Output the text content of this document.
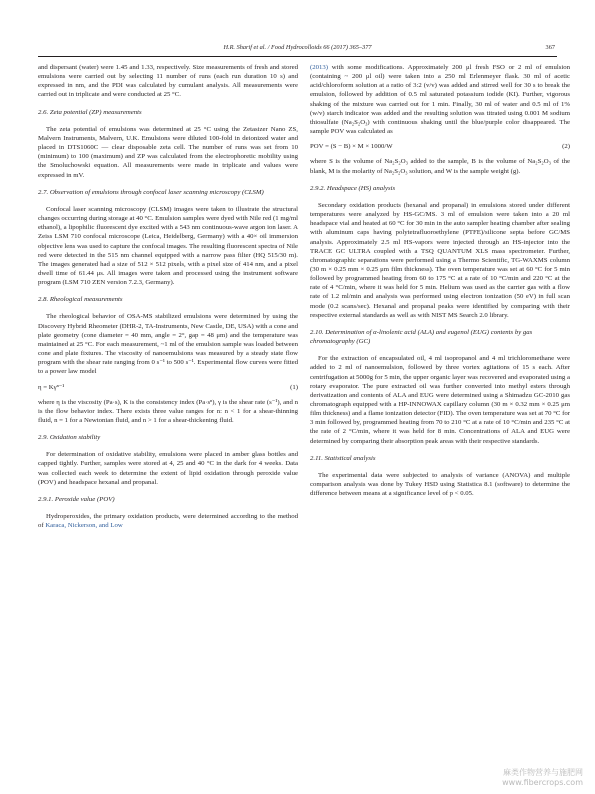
H.R. Sharif et al. / Food Hydrocolloids 66 (2017) 365–377	367

and dispersant (water) were 1.45 and 1.33, respectively. Size measurements of fresh and stored emulsions were carried out by selecting 11 number of runs (each run duration 10 s) and expressed in nm, and the PDI was calculated by cumulant analysis. All measurements were carried out in triplicate and were conducted at 25 °C.

2.6. Zeta potential (ZP) measurements

The zeta potential of emulsions was determined at 25 °C using the Zetasizer Nano ZS, Malvern Instruments, Malvern, U.K. Emulsions were diluted 100-fold in deionized water and placed in DTS1060C — clear disposable zeta cell. The number of runs was set from 10 (minimum) to 100 (maximum) and ZP was calculated from the electrophoretic mobility using the Smoluchowski equation. All measurements were made in triplicate and values were expressed in mV.

2.7. Observation of emulsions through confocal laser scanning microscopy (CLSM)

Confocal laser scanning microscopy (CLSM) images were taken to illustrate the structural changes occurring during storage at 40 °C. Emulsion samples were dyed with Nile red (1 mg/ml ethanol), a lipophilic fluorescent dye excited with a 543 nm continuous-wave argon ion laser. A Zeiss LSM 710 confocal microscope (Leica, Heidelberg, Germany) with a 40× oil immersion objective lens was used to capture the confocal images. The resulting fluorescent spectra of Nile red were detected in the 515 nm channel equipped with a narrow pass filter (HQ 515/30 m). The images generated had a size of 512 × 512 pixels, with a pixel size of 414 nm, and a pixel dwell time of 61.44 μs. All images were taken and processed using the instrument software program (LSM 710 ZEN version 7.2.3, Germany).

2.8. Rheological measurements

The rheological behavior of OSA-MS stabilized emulsions were determined by using the Discovery Hybrid Rheometer (DHR-2, TA-Instruments, New Castle, DE, USA) with a cone and plate geometry (cone diameter = 40 mm, angle = 2°, gap = 48 μm) and the temperature was maintained at 25 °C. For each measurement, ~1 ml of the emulsion sample was loaded between cone and plate fixtures. The viscosity of nanoemulsions was measured by a steady state flow program with the shear rate ranging from 0 s⁻¹ to 500 s⁻¹. Experimental flow curves were fitted to a power law model

η = Kγⁿ⁻¹	(1)

where η is the viscosity (Pa·s), K is the consistency index (Pa·sⁿ), γ is the shear rate (s⁻¹), and n is the flow behavior index. There exists three value ranges for n: n < 1 for a shear-thinning fluid, n = 1 for a Newtonian fluid, and n > 1 for a shear-thickening fluid.

2.9. Oxidation stability

For determination of oxidative stability, emulsions were placed in amber glass bottles and capped tightly. Further, samples were stored at 4, 25 and 40 °C in the dark for 4 weeks. Data was collected each week to determine the extent of lipid oxidation through peroxide value (POV) and headspace hexanal and propanal.

2.9.1. Peroxide value (POV)

Hydroperoxides, the primary oxidation products, were determined according to the method of Karaca, Nickerson, and Low

(2013) with some modifications. Approximately 200 μl fresh FSO or 2 ml of emulsion (containing ~ 200 μl oil) were taken into a 250 ml Erlenmeyer flask. 30 ml of acetic acid/chloroform solution at a ratio of 3:2 (v/v) was added and stirred well for 30 s to break the emulsion, followed by addition of 0.5 ml saturated potassium iodide (KI). Further, vigorous shaking of the mixture was carried out for 1 min. Finally, 30 ml of water and 0.5 ml of 1% (w/v) starch indicator was added and the resulting solution was titrated using 0.001 M sodium thiosulfate (Na₂S₂O₃) with continuous shaking until the blue/purple color disappeared. The sample POV was calculated as

POV = (S − B) × M × 1000/W	(2)

where S is the volume of Na₂S₂O₃ added to the sample, B is the volume of Na₂S₂O₃ of the blank, M is the molarity of Na₂S₂O₃ solution, and W is the sample weight (g).

2.9.2. Headspace (HS) analysis

Secondary oxidation products (hexanal and propanal) in emulsions stored under different temperatures were analyzed by HS-GC/MS. 3 ml of emulsion were taken into a 20 ml headspace vial and heated at 60 °C for 30 min in the auto sampler heating chamber after sealing with aluminum caps having polytetrafluoroethylene (PTFE)/silicone septa before GC/MS analysis. Approximately 2.5 ml HS-vapors were injected through an HS-injector into the TRACE GC ULTRA coupled with a TSQ QUANTUM XLS mass spectrometer. Further, chromatographic separations were performed using a Thermo Scientific, TG-WAXMS column (30 m × 0.25 mm × 0.25 μm film thickness). The oven temperature was set at 60 °C for 5 min followed by programmed heating from 60 to 175 °C at a rate of 10 °C/min and 220 °C at the rate of 4 °C/min, where it was held for 5 min. Helium was used as the carrier gas with a flow rate of 1.2 ml/min and analysis was performed using electron ionization (50 eV) in full scan mode (0.2 scans/sec). Hexanal and propanal peaks were identified by comparing with their respective external standards as well as with NIST MS Search 2.0 library.

2.10. Determination of α-linolenic acid (ALA) and eugenol (EUG) contents by gas chromatography (GC)

For the extraction of encapsulated oil, 4 ml isopropanol and 4 ml trichloromethane were added to 2 ml of nanoemulsion, followed by three vortex agitations of 15 s each. After centrifugation at 5000g for 5 min, the upper organic layer was recovered and evaporated using a rotary evaporator. The pure extracted oil was further converted into methyl esters through derivatization and contents of ALA and EUG were determined using a Shimadzu GC-2010 gas chromatograph equipped with a HP-INNOWAX capillary column (30 m × 0.32 mm × 0.25 μm film thickness) and a flame ionization detector (FID). The oven temperature was set at 70 °C for 3 min followed by, programmed heating from 70 to 210 °C at a rate of 10 °C/min and 235 °C at the rate of 2 °C/min, where it was held for 8 min. Concentrations of ALA and EUG were determined by comparing their absorption peak areas with their respective standards.

2.11. Statistical analysis

The experimental data were subjected to analysis of variance (ANOVA) and multiple comparison analysis was done by Tukey HSD using Statistica 8.1 (software) to determine the difference between means at a significance level of p < 0.05.

麻类作物营养与施肥网
www.fibercrops.com
